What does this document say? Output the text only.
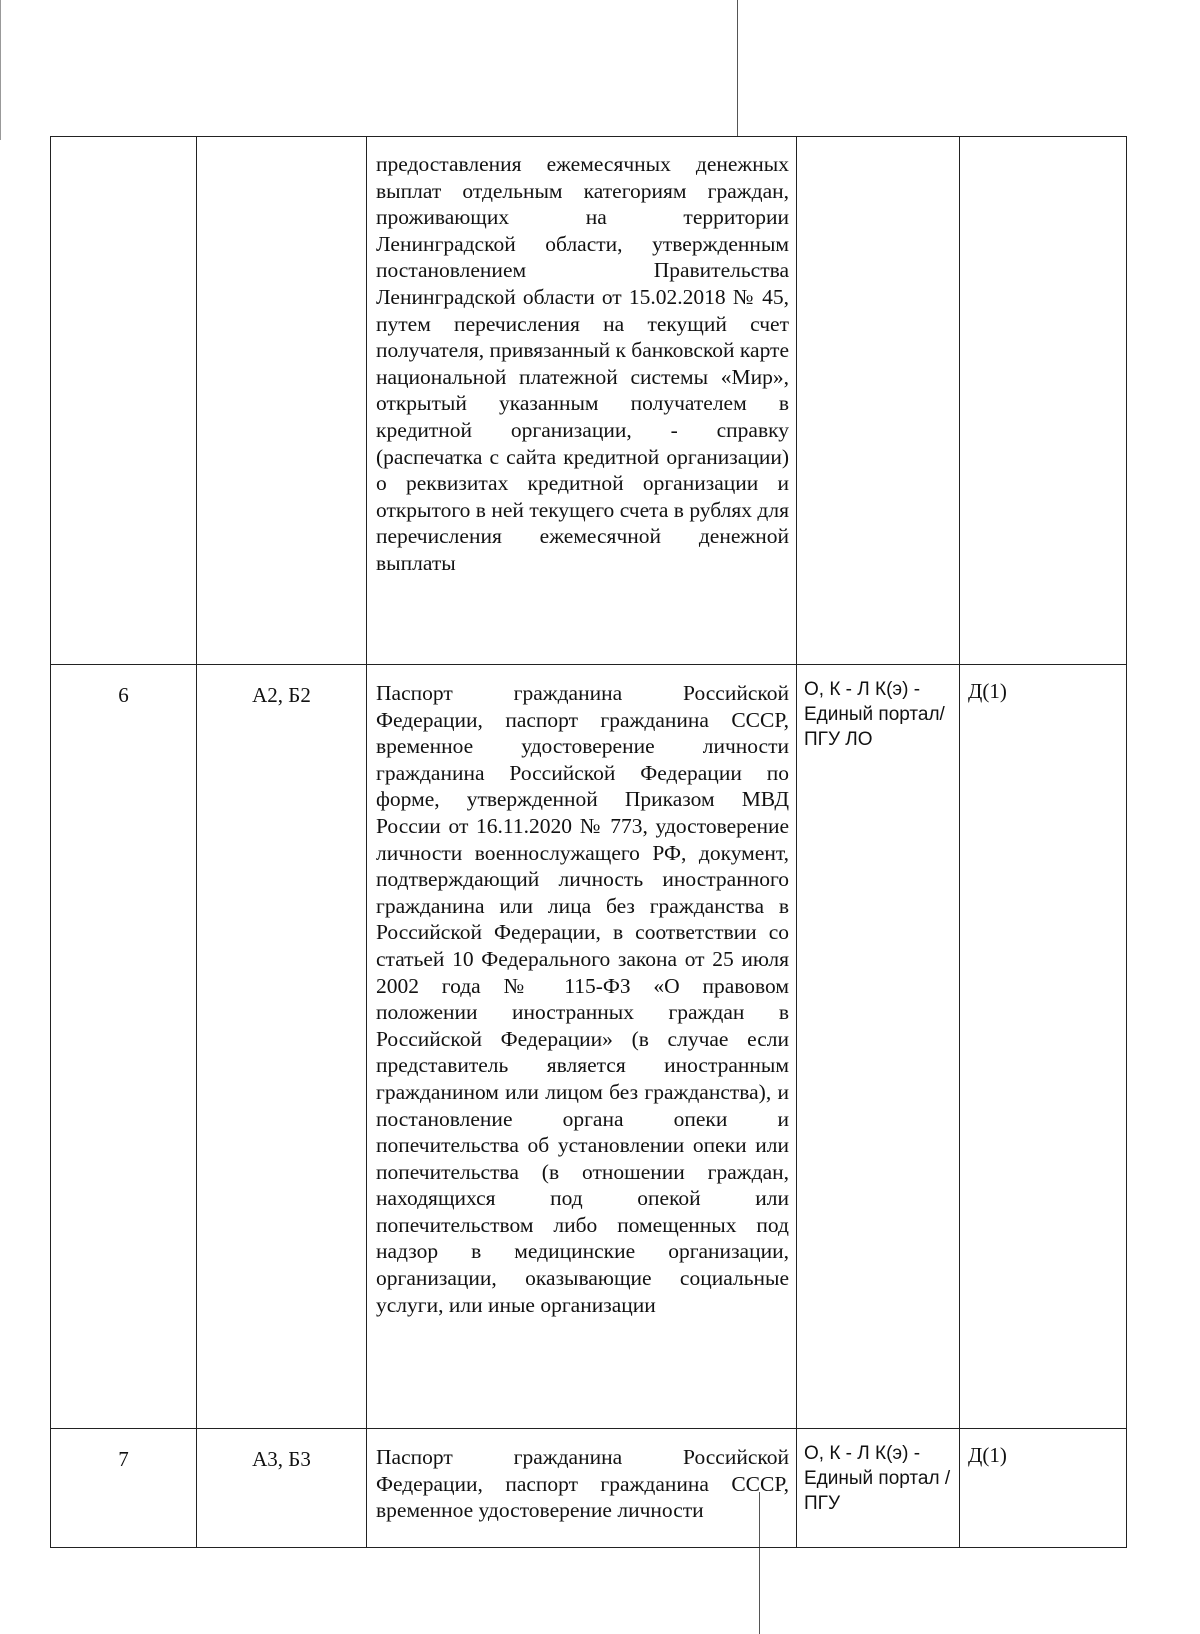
		предоставления ежемесячных денежных выплат отдельным категориям граждан, проживающих на территории Ленинградской области, утвержденным постановлением Правительства Ленинградской области от 15.02.2018 № 45, путем перечисления на текущий счет получателя, привязанный к банковской карте национальной платежной системы «Мир», открытый указанным получателем в кредитной организации, - справку (распечатка с сайта кредитной организации) о реквизитах кредитной организации и открытого в ней текущего счета в рублях для перечисления ежемесячной денежной выплаты		
6	А2, Б2	Паспорт гражданина Российской Федерации, паспорт гражданина СССР, временное удостоверение личности гражданина Российской Федерации по форме, утвержденной Приказом МВД России от 16.11.2020 № 773, удостоверение личности военнослужащего РФ, документ, подтверждающий личность иностранного гражданина или лица без гражданства в Российской Федерации, в соответствии со статьей 10 Федерального закона от 25 июля 2002 года № 115-ФЗ «О правовом положении иностранных граждан в Российской Федерации» (в случае если представитель является иностранным гражданином или лицом без гражданства), и постановление органа опеки и попечительства об установлении опеки или попечительства (в отношении граждан, находящихся под опекой или попечительством либо помещенных под надзор в медицинские организации, организации, оказывающие социальные услуги, или иные организации	О, К - Л К(э) - Единый портал/ПГУ ЛО	Д(1)
7	А3, Б3	Паспорт гражданина Российской Федерации, паспорт гражданина СССР, временное удостоверение личности	О, К - Л К(э) - Единый портал / ПГУ	Д(1)
